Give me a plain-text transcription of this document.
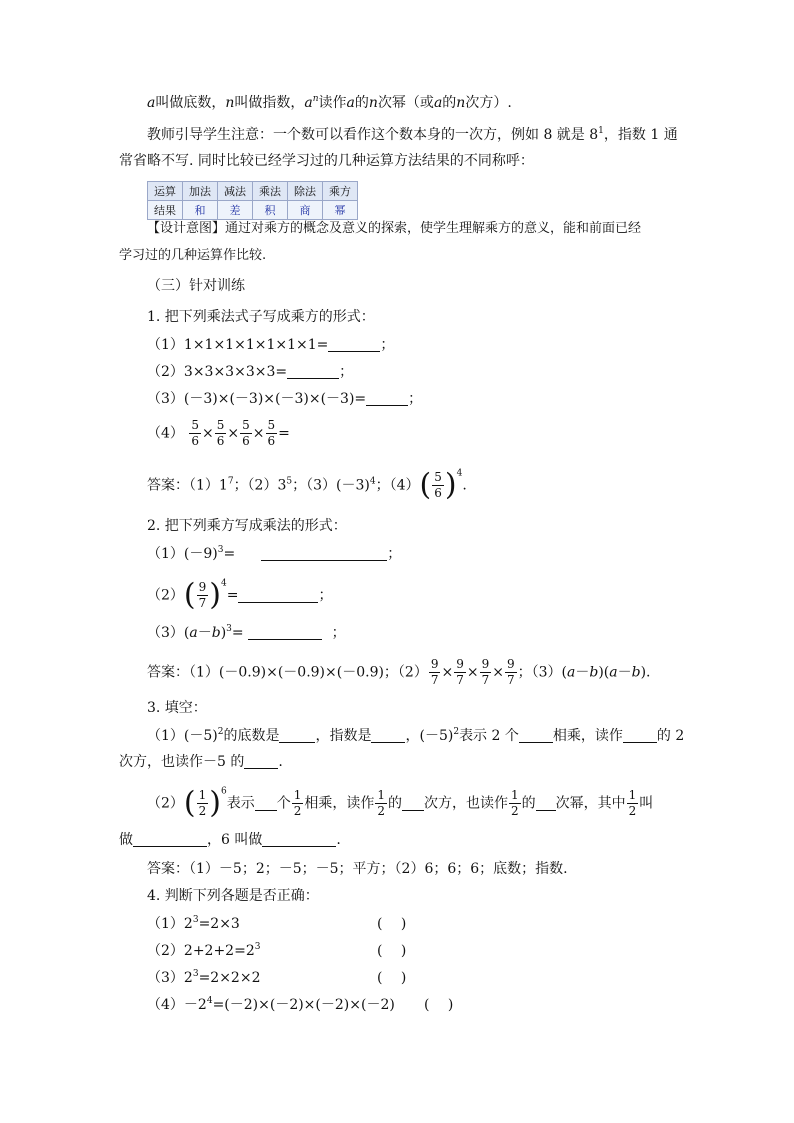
a叫做底数，n叫做指数，$a^n$读作a的n次幂（或a的n次方）.
教师引导学生注意：一个数可以看作这个数本身的一次方，例如 8 就是 $8^1$，指数 1 通
常省略不写. 同时比较已经学习过的几种运算方法结果的不同称呼：
运算	加法	减法	乘法	除法	乘方
结果	和	差	积	商	幂
【设计意图】通过对乘方的概念及意义的探索，使学生理解乘方的意义，能和前面已经
学习过的几种运算作比较.
（三）针对训练
1. 把下列乘法式子写成乘方的形式：
（1）1×1×1×1×1×1×1=	；
（2）3×3×3×3×3=	；
（3）(－3)×(－3)×(－3)×(－3)=	；
$(4) \frac{5}{6} \times \frac{5}{6} \times \frac{5}{6} \times \frac{5}{6}$ =
答案：$(1)1^7$；$(2)3^5$；$(3)(-3)^4$；$(4)( \frac{5}{6} )^4$.
2. 把下列乘方写成乘法的形式：
$(1)(-9)^3=$	；
$(2)( \frac{9}{7} )^4=$	；
$(3)(a-b)^3=$	；
答案：（1）(－0.9)×(－0.9)×(－0.9)；$(2) \frac{9}{7} \times \frac{9}{7} \times \frac{9}{7} \times \frac{9}{7}$ ；（3）(a－b)(a－b).
3. 填空：
$(1)(-5)^2$的底数是	，指数是 ，$(-5)^2$表示 2 个 相乘，读作 的 2
次方，也读作－5 的 .
$(2)( \frac{1}{2} )^6$表示 个 $\frac{1}{2}$ 相乘，读作 $\frac{1}{2}$ 的 次方，也读作 $\frac{1}{2}$ 的 次幂，其中 $\frac{1}{2}$ 叫
做	，6 叫做	.
答案：（1）－5；2；－5；－5；平方；（2）6；6；6；底数；指数.
4. 判断下列各题是否正确：
$(1)2^3=2\times 3$	(　 )
$(2)2+2+2=2^3$	(　 )
$(3)2^3=2\times 2\times 2$	(　 )
$(4)-2^4=(-2)\times(-2)\times(-2)\times(-2)$ (　 )
